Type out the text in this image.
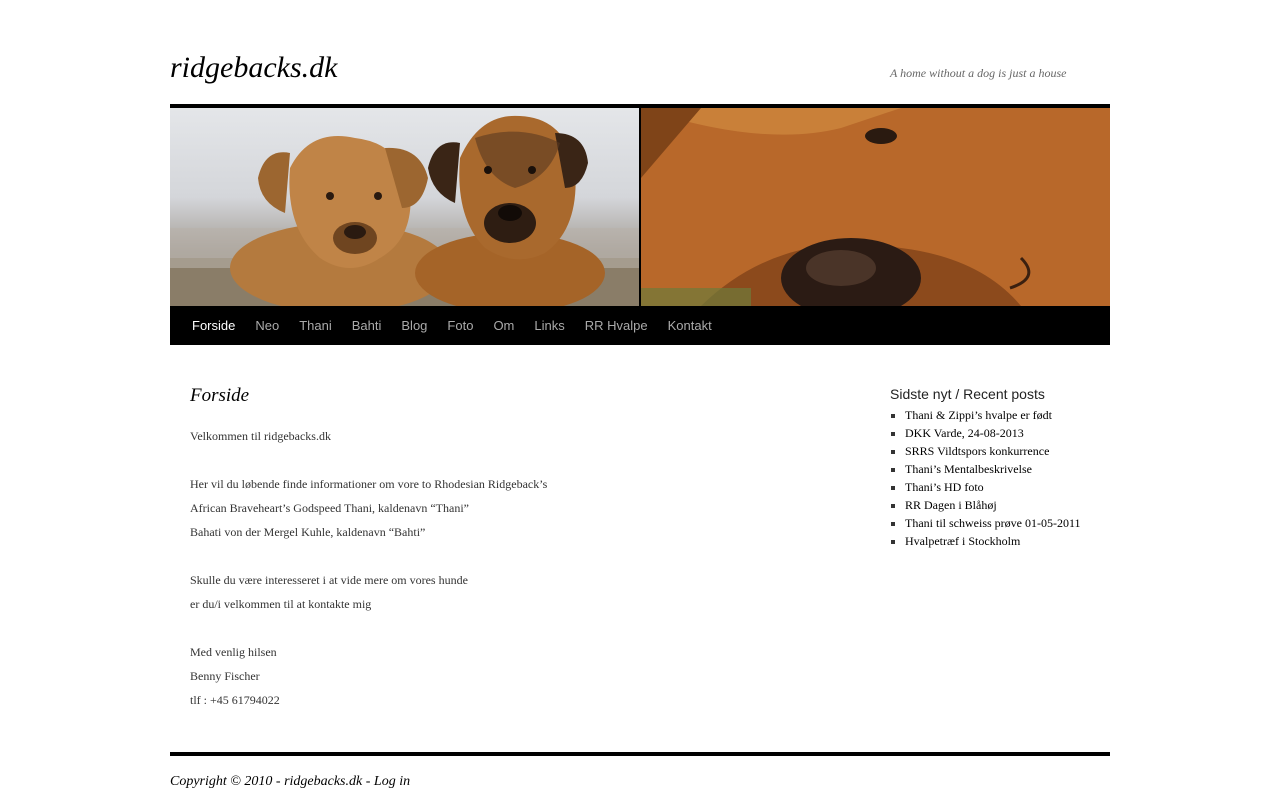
ridgebacks.dk	A home without a dog is just a house
Forside	Neo	Thani	Bahti	Blog	Foto	Om	Links	RR Hvalpe	Kontakt
Forside

Velkommen til ridgebacks.dk

Her vil du løbende finde informationer om vore to Rhodesian Ridgeback’s

African Braveheart’s Godspeed Thani, kaldenavn “Thani”

Bahati von der Mergel Kuhle, kaldenavn “Bahti”

Skulle du være interesseret i at vide mere om vores hunde

er du/i velkommen til at kontakte mig

Med venlig hilsen

Benny Fischer

tlf : +45 61794022

Sidste nyt / Recent posts
▪ Thani & Zippi’s hvalpe er født
▪ DKK Varde, 24-08-2013
▪ SRRS Vildtspors konkurrence
▪ Thani’s Mentalbeskrivelse
▪ Thani’s HD foto
▪ RR Dagen i Blåhøj
▪ Thani til schweiss prøve 01-05-2011
▪ Hvalpetræf i Stockholm
Copyright © 2010 - ridgebacks.dk - Log in
